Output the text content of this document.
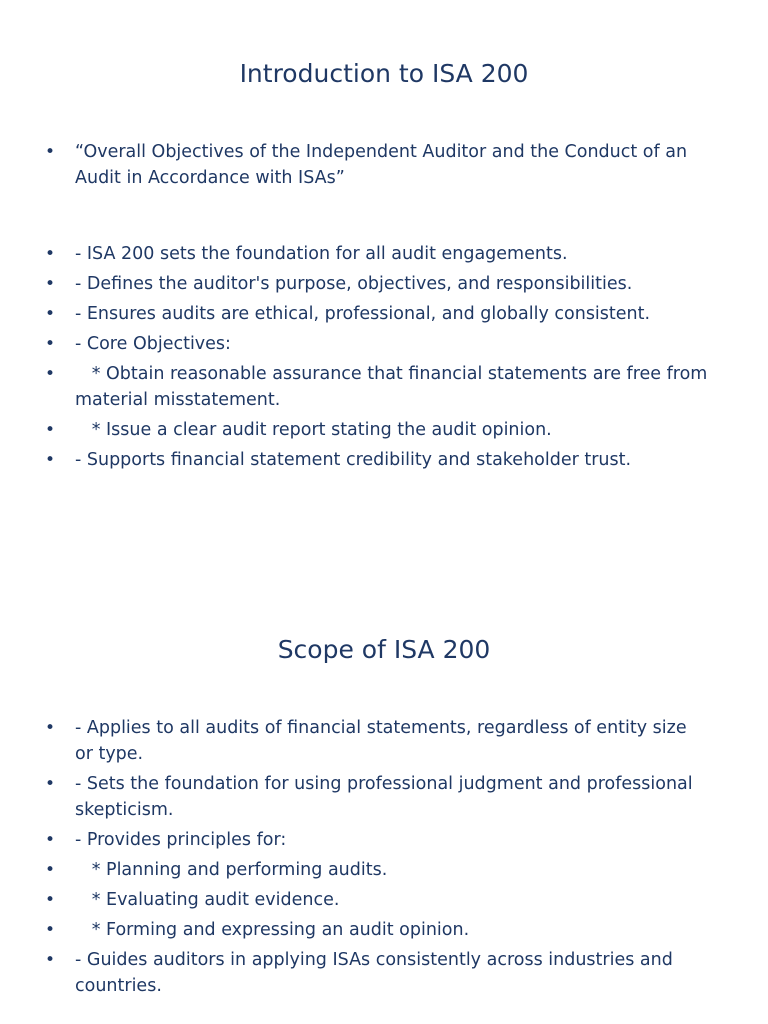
Introduction to ISA 200
• “Overall Objectives of the Independent Auditor and the Conduct of an Audit in Accordance with ISAs”
• - ISA 200 sets the foundation for all audit engagements.
• - Defines the auditor's purpose, objectives, and responsibilities.
• - Ensures audits are ethical, professional, and globally consistent.
• - Core Objectives:
• * Obtain reasonable assurance that financial statements are free from material misstatement.
• * Issue a clear audit report stating the audit opinion.
• - Supports financial statement credibility and stakeholder trust.
Scope of ISA 200
• - Applies to all audits of financial statements, regardless of entity size or type.
• - Sets the foundation for using professional judgment and professional skepticism.
• - Provides principles for:
• * Planning and performing audits.
• * Evaluating audit evidence.
• * Forming and expressing an audit opinion.
• - Guides auditors in applying ISAs consistently across industries and countries.
